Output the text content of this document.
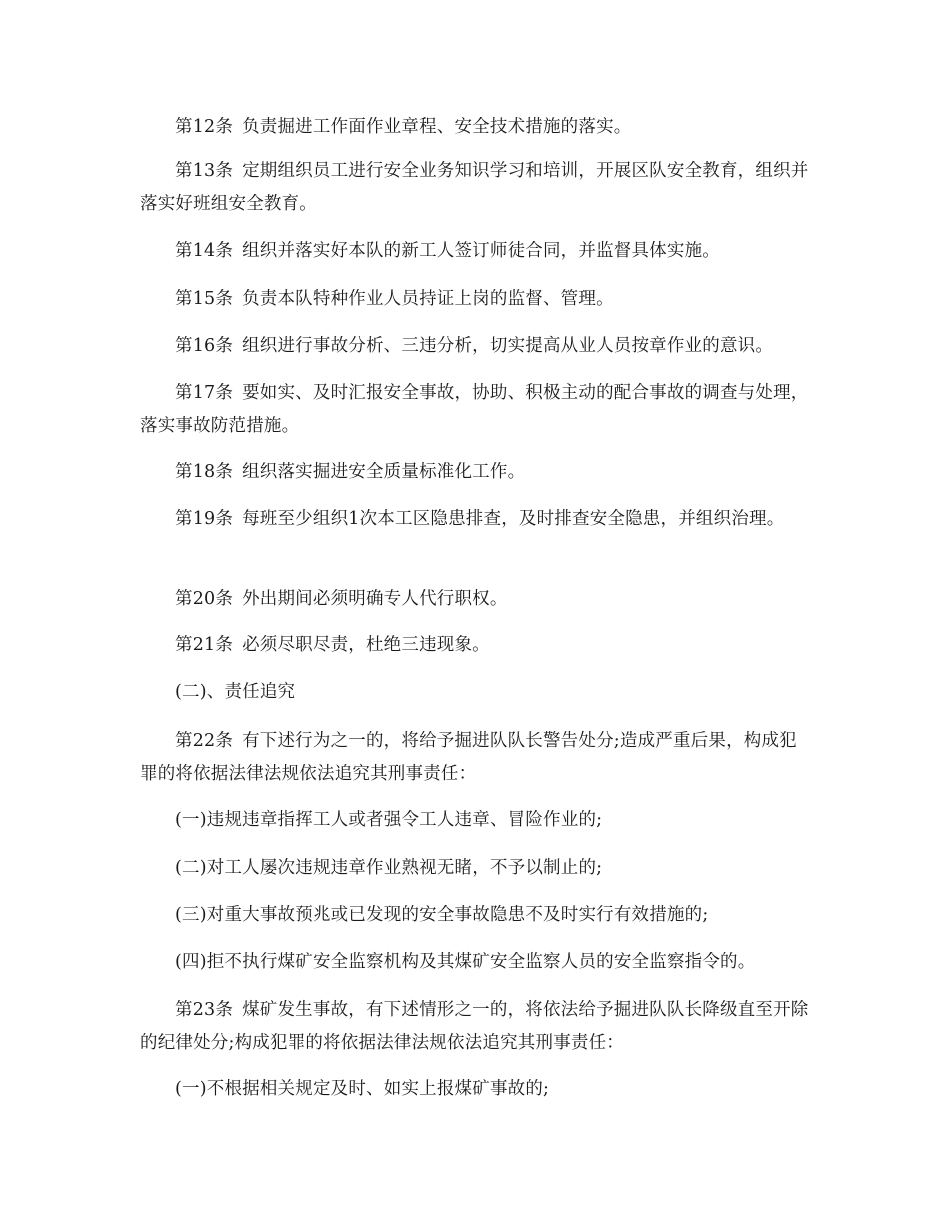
第12条 负责掘进工作面作业章程、安全技术措施的落实。

第13条 定期组织员工进行安全业务知识学习和培训，开展区队安全教育，组织并落实好班组安全教育。

第14条 组织并落实好本队的新工人签订师徒合同，并监督具体实施。

第15条 负责本队特种作业人员持证上岗的监督、管理。

第16条 组织进行事故分析、三违分析，切实提高从业人员按章作业的意识。

第17条 要如实、及时汇报安全事故，协助、积极主动的配合事故的调查与处理，落实事故防范措施。

第18条 组织落实掘进安全质量标准化工作。

第19条 每班至少组织1次本工区隐患排查，及时排查安全隐患，并组织治理。

第20条 外出期间必须明确专人代行职权。

第21条 必须尽职尽责，杜绝三违现象。

(二)、责任追究

第22条 有下述行为之一的，将给予掘进队队长警告处分;造成严重后果，构成犯罪的将依据法律法规依法追究其刑事责任：

(一)违规违章指挥工人或者强令工人违章、冒险作业的;

(二)对工人屡次违规违章作业熟视无睹，不予以制止的;

(三)对重大事故预兆或已发现的安全事故隐患不及时实行有效措施的;

(四)拒不执行煤矿安全监察机构及其煤矿安全监察人员的安全监察指令的。

第23条 煤矿发生事故，有下述情形之一的，将依法给予掘进队队长降级直至开除的纪律处分;构成犯罪的将依据法律法规依法追究其刑事责任：

(一)不根据相关规定及时、如实上报煤矿事故的;
